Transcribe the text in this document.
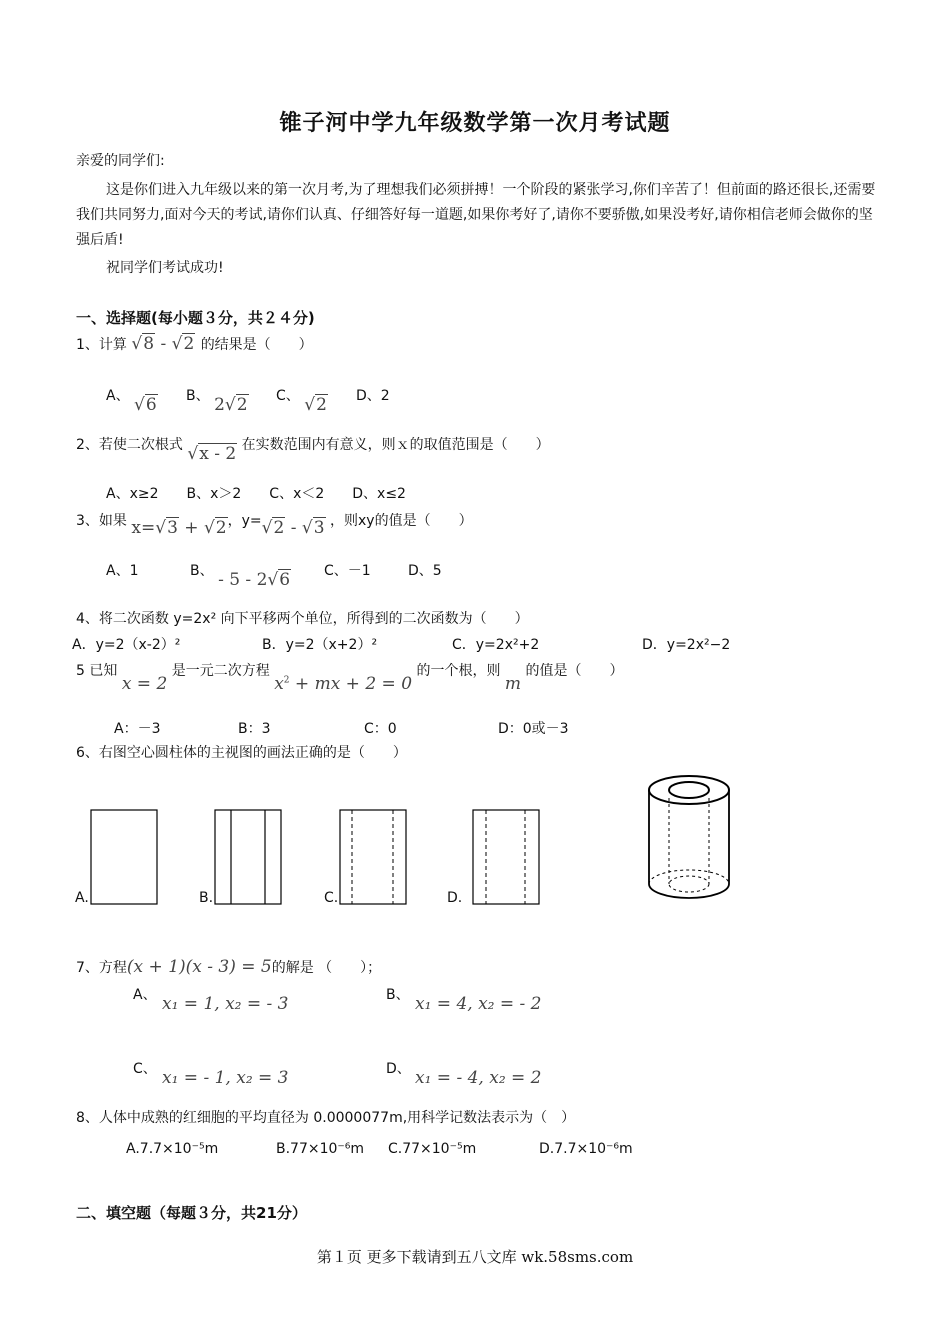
锥子河中学九年级数学第一次月考试题
亲爱的同学们:
这是你们进入九年级以来的第一次月考,为了理想我们必须拼搏！一个阶段的紧张学习,你们辛苦了！但前面的路还很长,还需要我们共同努力,面对今天的考试,请你们认真、仔细答好每一道题,如果你考好了,请你不要骄傲,如果没考好,请你相信老师会做你的坚强后盾!
祝同学们考试成功!
一、选择题(每小题３分，共２４分)
1、计算 √8 - √2 的结果是（　　）
A、 √6 B、 2√2 C、 √2 D、2
2、若使二次根式 √x - 2 在实数范围内有意义，则ｘ的取值范围是（　　）
A、x≥2　　B、x＞2　　C、x＜2　　D、x≤2
3、如果 x=√3 + √2，y=√2 - √3 ，则xy的值是（　　）
A、1	B、 - 5 - 2√6 C、－1	D、5
4、将二次函数 y=2x² 向下平移两个单位，所得到的二次函数为（　　）
A．y=2（x-2）²	B．y=2（x+2）²	C．y=2x²+2	D．y=2x²−2
5 已知 x = 2 是一元二次方程 $x^2$ + mx + 2 = 0 的一个根，则 m 的值是（　　）
A：－3	B：3	C：0	D：0或－3
6、右图空心圆柱体的主视图的画法正确的是（　　）
A.	B.	C.	D.
7、方程(x + 1)(x - 3) = 5的解是 （　　）；
A、 x₁ = 1, x₂ = - 3	B、 x₁ = 4, x₂ = - 2
C、 x₁ = - 1, x₂ = 3	D、 x₁ = - 4, x₂ = 2
8、人体中成熟的红细胞的平均直径为 0.0000077m,用科学记数法表示为（　）
A.7.7×10⁻⁵m	B.77×10⁻⁶m C.77×10⁻⁵m	D.7.7×10⁻⁶m
二、填空题（每题３分，共21分）
第１页 更多下载请到五八文库 wk.58sms.com
